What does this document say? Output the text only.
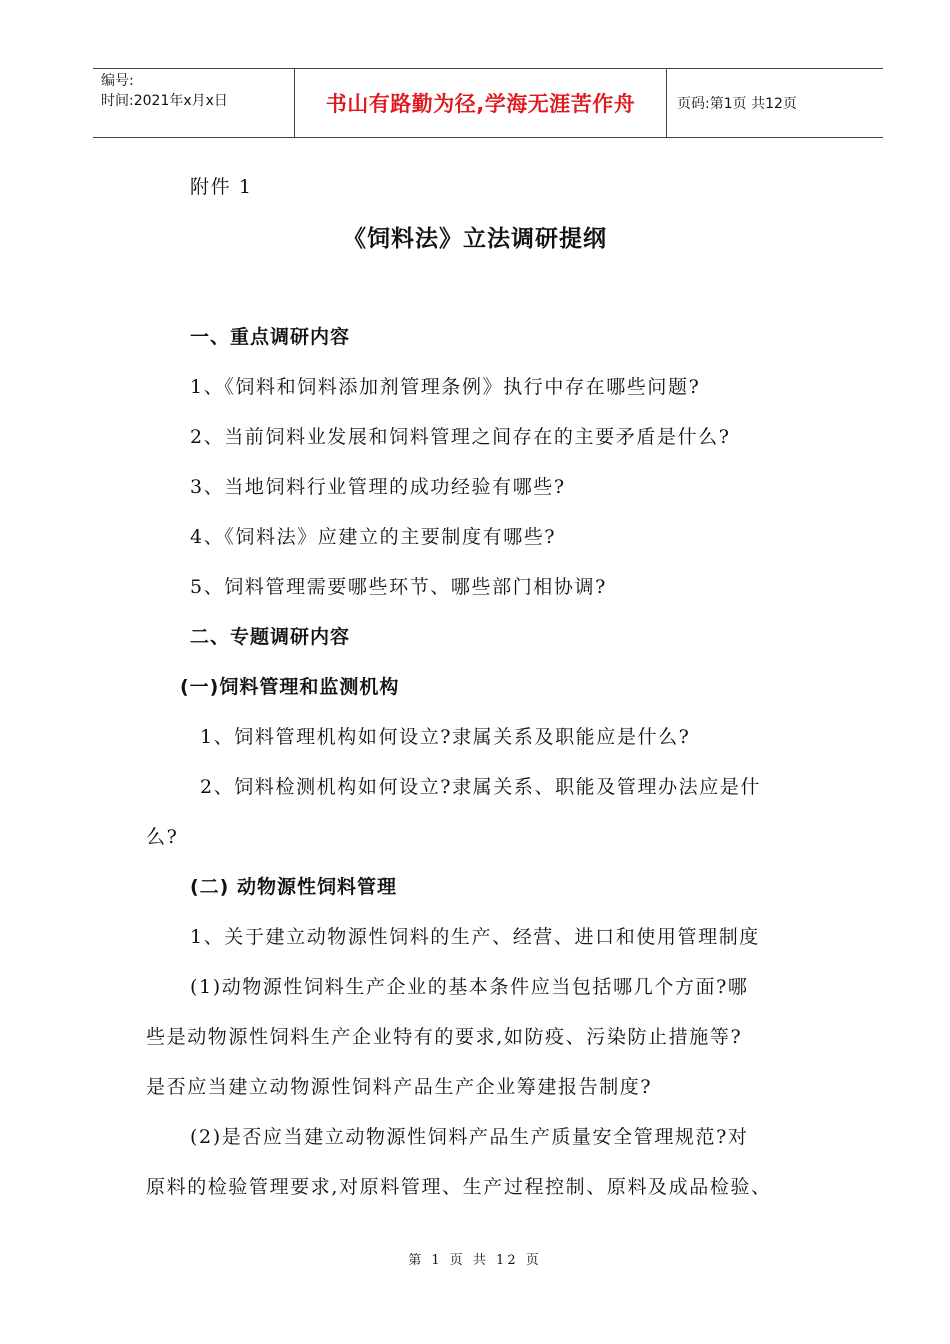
编号:
时间:2021年x月x日	书山有路勤为径,学海无涯苦作舟	页码:第1页 共12页
附件 1
《饲料法》立法调研提纲
一、重点调研内容
1、《饲料和饲料添加剂管理条例》执行中存在哪些问题?
2、当前饲料业发展和饲料管理之间存在的主要矛盾是什么?
3、当地饲料行业管理的成功经验有哪些?
4、《饲料法》应建立的主要制度有哪些?
5、饲料管理需要哪些环节、哪些部门相协调?
二、专题调研内容
(一)饲料管理和监测机构
1、饲料管理机构如何设立?隶属关系及职能应是什么?
2、饲料检测机构如何设立?隶属关系、职能及管理办法应是什
么?
(二) 动物源性饲料管理
1、关于建立动物源性饲料的生产、经营、进口和使用管理制度
(1)动物源性饲料生产企业的基本条件应当包括哪几个方面?哪
些是动物源性饲料生产企业特有的要求,如防疫、污染防止措施等?
是否应当建立动物源性饲料产品生产企业筹建报告制度?
(2)是否应当建立动物源性饲料产品生产质量安全管理规范?对
原料的检验管理要求,对原料管理、生产过程控制、原料及成品检验、
第 1 页 共 12 页
